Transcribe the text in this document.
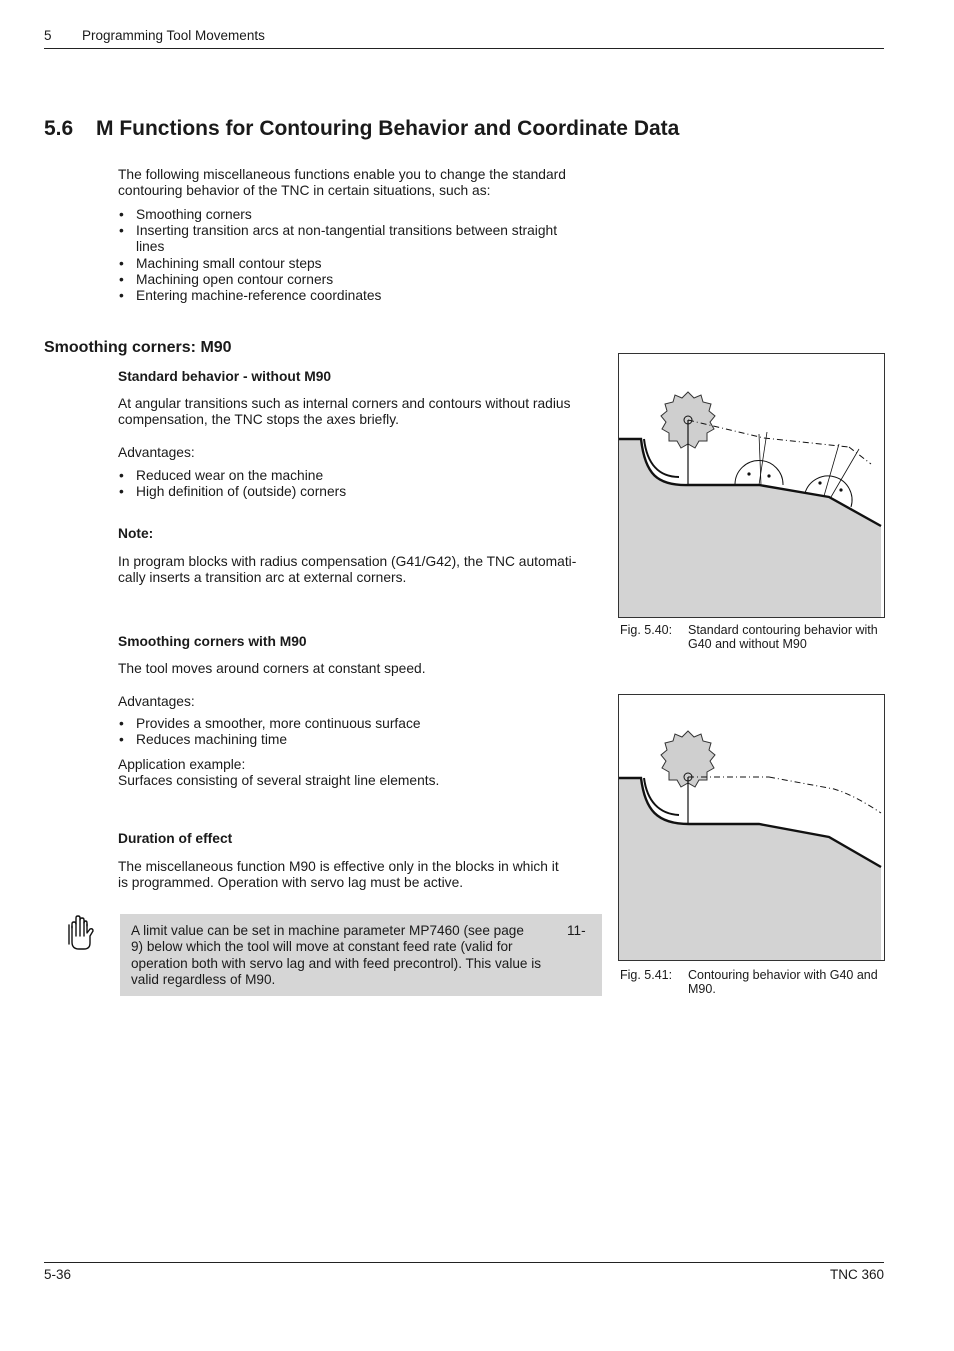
5 Programming Tool Movements
5.6 M Functions for Contouring Behavior and Coordinate Data

The following miscellaneous functions enable you to change the standard

contouring behavior of the TNC in certain situations, such as:

• Smoothing corners
• Inserting transition arcs at non-tangential transitions between straight
lines
• Machining small contour steps
• Machining open contour corners
• Entering machine-reference coordinates
Smoothing corners: M90
Standard behavior - without M90

At angular transitions such as internal corners and contours without radius

compensation, the TNC stops the axes briefly.

Advantages:

• Reduced wear on the machine
• High definition of (outside) corners
Note:

In program blocks with radius compensation (G41/G42), the TNC automati-

cally inserts a transition arc at external corners.

Smoothing corners with M90

The tool moves around corners at constant speed.

Advantages:

• Provides a smoother, more continuous surface
• Reduces machining time

Application example:

Surfaces consisting of several straight line elements.

Duration of effect

The miscellaneous function M90 is effective only in the blocks in which it

is programmed. Operation with servo lag must be active.

A limit value can be set in machine parameter MP7460 (see page
9) below which the tool will move at constant feed rate (valid for
operation both with servo lag and with feed precontrol). This value is
valid regardless of M90.
11-
Fig. 5.40: Standard contouring behavior with
G40 and without M90
Fig. 5.41: Contouring behavior with G40 and
M90.
5-36	TNC 360
